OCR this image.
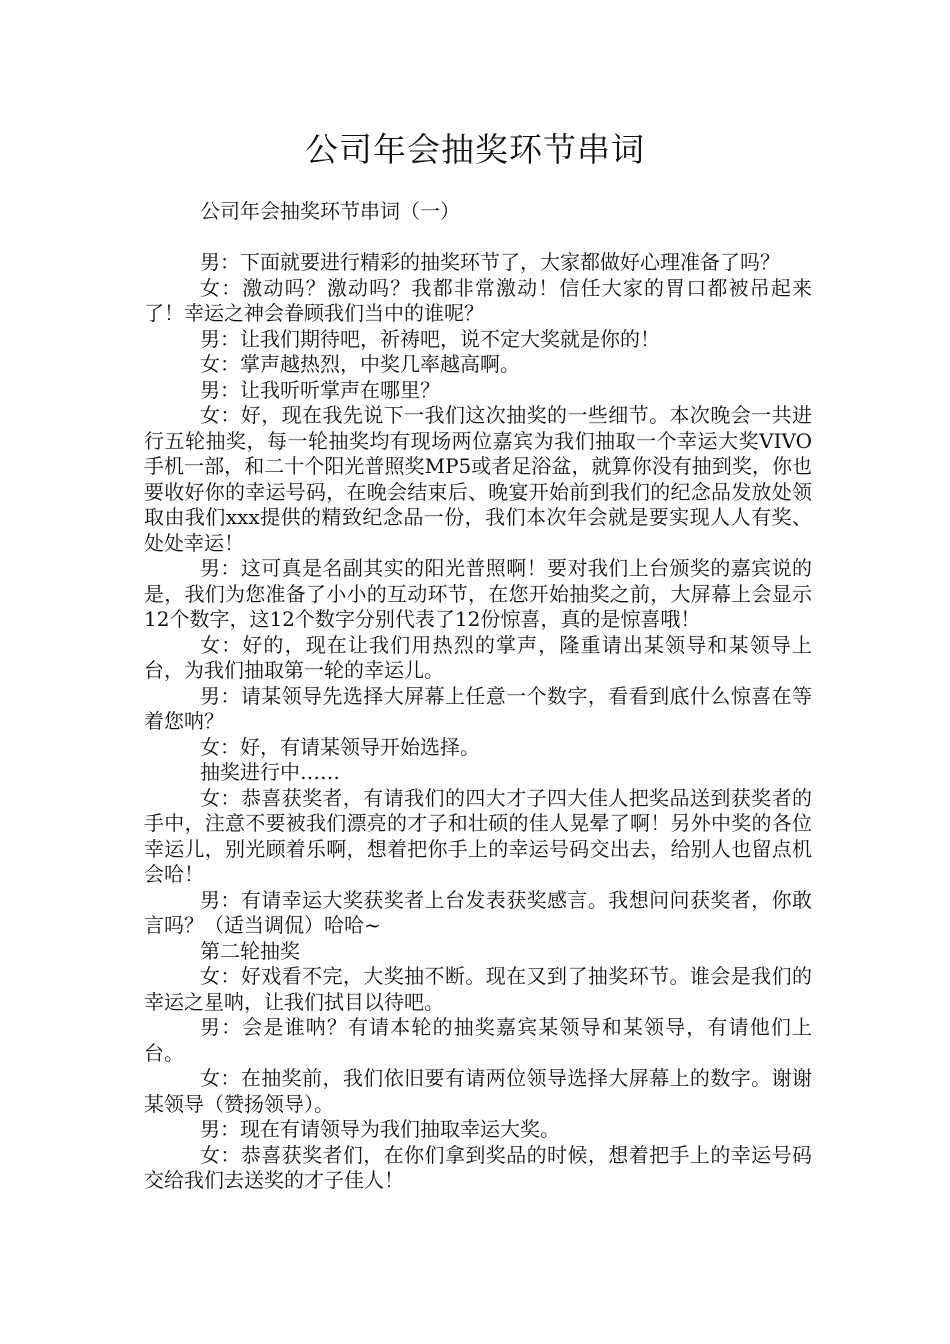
公司年会抽奖环节串词

公司年会抽奖环节串词（一）

男：下面就要进行精彩的抽奖环节了，大家都做好心理准备了吗？

女：激动吗？激动吗？我都非常激动！信任大家的胃口都被吊起来了！幸运之神会眷顾我们当中的谁呢？

男：让我们期待吧，祈祷吧，说不定大奖就是你的！

女：掌声越热烈，中奖几率越高啊。

男：让我听听掌声在哪里？

女：好，现在我先说下一我们这次抽奖的一些细节。本次晚会一共进行五轮抽奖，每一轮抽奖均有现场两位嘉宾为我们抽取一个幸运大奖VIVO手机一部，和二十个阳光普照奖MP5或者足浴盆，就算你没有抽到奖，你也要收好你的幸运号码，在晚会结束后、晚宴开始前到我们的纪念品发放处领取由我们xxx提供的精致纪念品一份，我们本次年会就是要实现人人有奖、处处幸运！

男：这可真是名副其实的阳光普照啊！要对我们上台颁奖的嘉宾说的是，我们为您准备了小小的互动环节，在您开始抽奖之前，大屏幕上会显示12个数字，这12个数字分别代表了12份惊喜，真的是惊喜哦！

女：好的，现在让我们用热烈的掌声，隆重请出某领导和某领导上台，为我们抽取第一轮的幸运儿。

男：请某领导先选择大屏幕上任意一个数字，看看到底什么惊喜在等着您呐？

女：好，有请某领导开始选择。

抽奖进行中……

女：恭喜获奖者，有请我们的四大才子四大佳人把奖品送到获奖者的手中，注意不要被我们漂亮的才子和壮硕的佳人晃晕了啊！另外中奖的各位幸运儿，别光顾着乐啊，想着把你手上的幸运号码交出去，给别人也留点机会哈！

男：有请幸运大奖获奖者上台发表获奖感言。我想问问获奖者，你敢言吗？（适当调侃）哈哈~

第二轮抽奖

女：好戏看不完，大奖抽不断。现在又到了抽奖环节。谁会是我们的幸运之星呐，让我们拭目以待吧。

男：会是谁呐？有请本轮的抽奖嘉宾某领导和某领导，有请他们上台。

女：在抽奖前，我们依旧要有请两位领导选择大屏幕上的数字。谢谢某领导（赞扬领导）。

男：现在有请领导为我们抽取幸运大奖。

女：恭喜获奖者们，在你们拿到奖品的时候，想着把手上的幸运号码交给我们去送奖的才子佳人！
